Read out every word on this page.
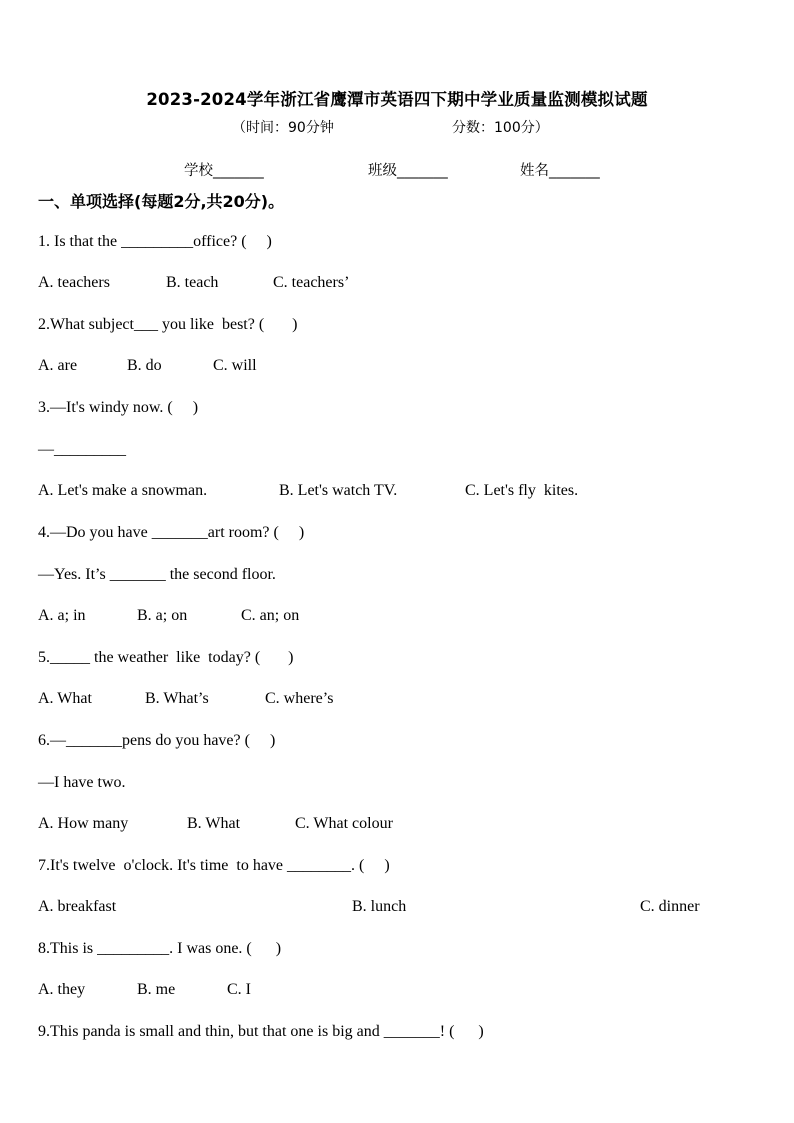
2023-2024学年浙江省鹰潭市英语四下期中学业质量监测模拟试题
（时间：90分钟	分数：100分）
学校_______	班级_______	姓名_______
一、单项选择(每题2分,共20分)。
1. Is that the _________office? (     )
A. teachers	B. teach	C. teachers’
2.What subject___ you like  best? (       )
A. are	B. do	C. will
3.—It's windy now. (     )
—_________
A. Let's make a snowman.	B. Let's watch TV.	C. Let's fly  kites.
4.—Do you have _______art room? (     )
—Yes. It’s _______ the second floor.
A. a; in	B. a; on	C. an; on
5._____ the weather  like  today? (       )
A. What	B. What’s	C. where’s
6.—_______pens do you have? (     )
—I have two.
A. How many	B. What	C. What colour
7.It's twelve  o'clock. It's time  to have ________. (     )
A. breakfast	B. lunch	C. dinner
8.This is _________. I was one. (      )
A. they	B. me	C. I
9.This panda is small and thin, but that one is big and _______! (      )
